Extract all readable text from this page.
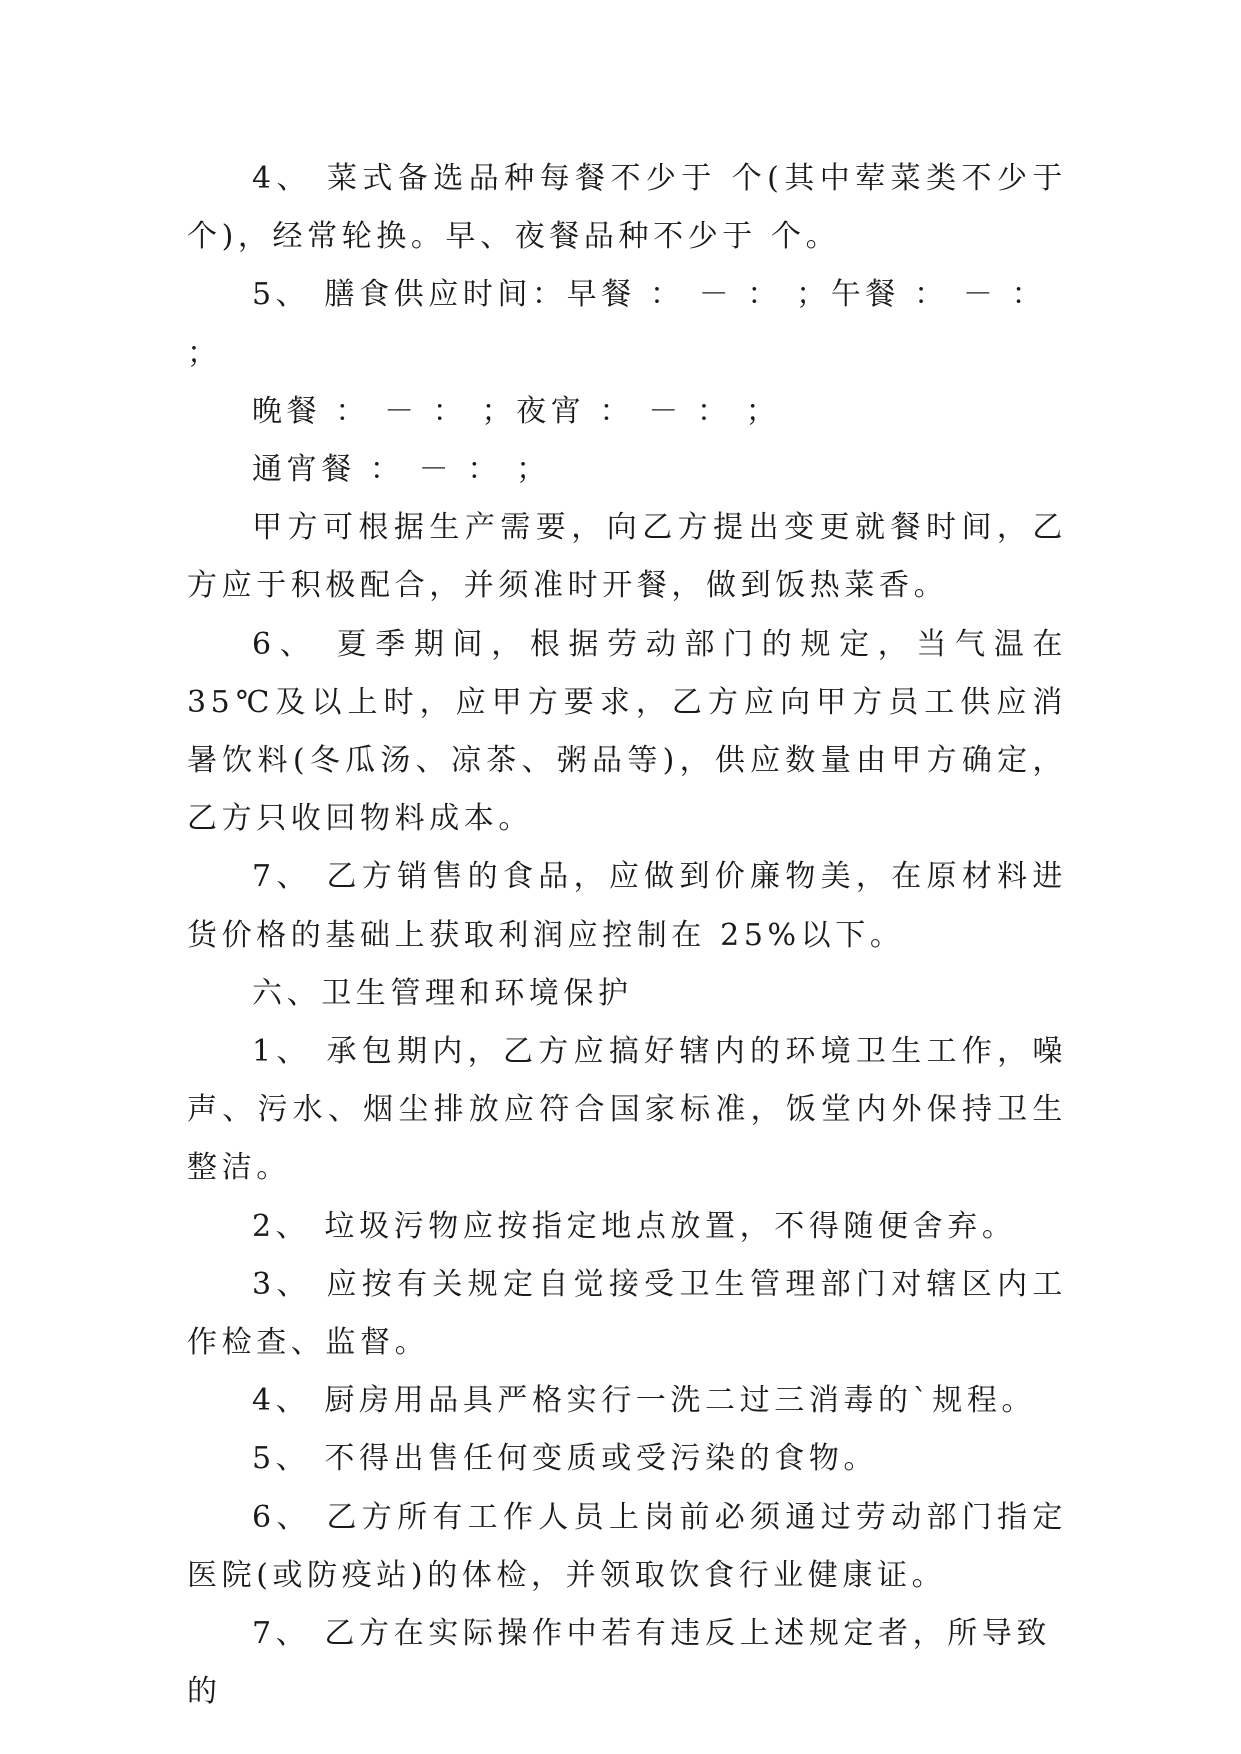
4、 菜式备选品种每餐不少于 个(其中荤菜类不少于 个)，经常轮换。早、夜餐品种不少于 个。

5、 膳食供应时间：早餐 ： － ： ；午餐 ： － ： ；

晚餐 ： － ： ；夜宵 ： － ： ；

通宵餐 ： － ： ；

甲方可根据生产需要，向乙方提出变更就餐时间，乙方应于积极配合，并须准时开餐，做到饭热菜香。

6、 夏季期间，根据劳动部门的规定，当气温在 35℃及以上时，应甲方要求，乙方应向甲方员工供应消暑饮料(冬瓜汤、凉茶、粥品等)，供应数量由甲方确定，乙方只收回物料成本。

7、 乙方销售的食品，应做到价廉物美，在原材料进货价格的基础上获取利润应控制在 25%以下。

六、卫生管理和环境保护

1、 承包期内，乙方应搞好辖内的环境卫生工作，噪声、污水、烟尘排放应符合国家标准，饭堂内外保持卫生整洁。

2、 垃圾污物应按指定地点放置，不得随便舍弃。

3、 应按有关规定自觉接受卫生管理部门对辖区内工作检查、监督。

4、 厨房用品具严格实行一洗二过三消毒的`规程。

5、 不得出售任何变质或受污染的食物。

6、 乙方所有工作人员上岗前必须通过劳动部门指定医院(或防疫站)的体检，并领取饮食行业健康证。

7、 乙方在实际操作中若有违反上述规定者，所导致的
